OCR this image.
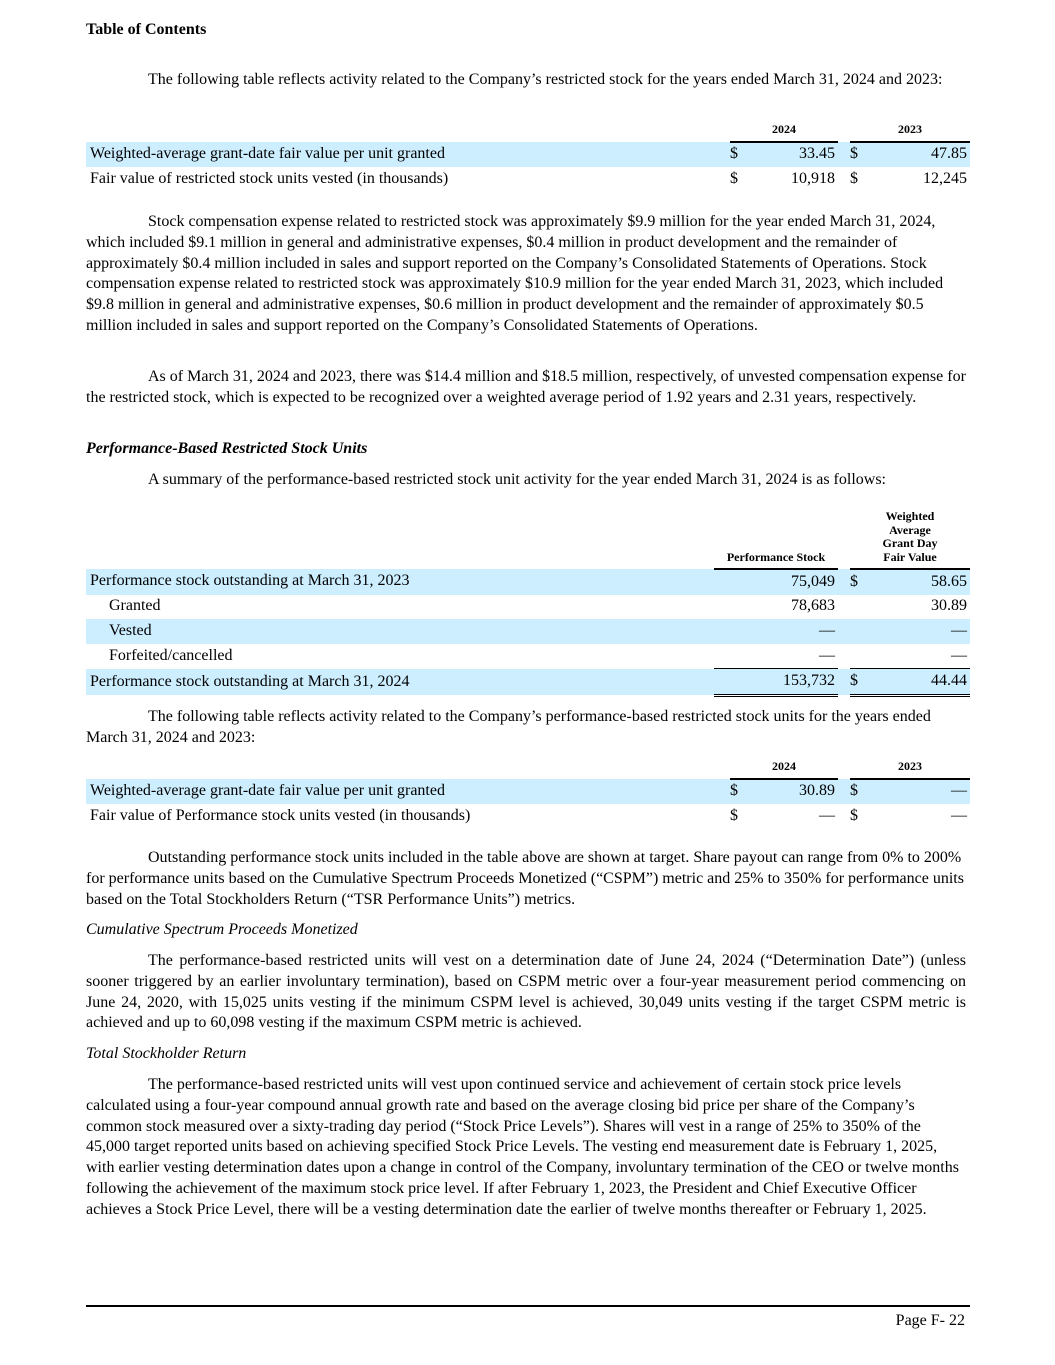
Table of Contents

The following table reflects activity related to the Company’s restricted stock for the years ended March 31, 2024 and 2023:

		2024			2023	
Weighted-average grant-date fair value per unit granted		$	33.45		$	47.85
Fair value of restricted stock units vested (in thousands)		$	10,918		$	12,245

Stock compensation expense related to restricted stock was approximately $9.9 million for the year ended March 31, 2024, which included $9.1 million in general and administrative expenses, $0.4 million in product development and the remainder of approximately $0.4 million included in sales and support reported on the Company’s Consolidated Statements of Operations. Stock compensation expense related to restricted stock was approximately $10.9 million for the year ended March 31, 2023, which included $9.8 million in general and administrative expenses, $0.6 million in product development and the remainder of approximately $0.5 million included in sales and support reported on the Company’s Consolidated Statements of Operations.

As of March 31, 2024 and 2023, there was $14.4 million and $18.5 million, respectively, of unvested compensation expense for the restricted stock, which is expected to be recognized over a weighted average period of 1.92 years and 2.31 years, respectively.

Performance-Based Restricted Stock Units

A summary of the performance-based restricted stock unit activity for the year ended March 31, 2024 is as follows:

		Performance Stock		Weighted
Average
Grant Day
Fair Value	
Performance stock outstanding at March 31, 2023		75,049		$	58.65
Granted		78,683			30.89
Vested		—			—
Forfeited/cancelled		—			—
Performance stock outstanding at March 31, 2024		153,732		$	44.44

The following table reflects activity related to the Company’s performance-based restricted stock units for the years ended March 31, 2024 and 2023:

		2024			2023	
Weighted-average grant-date fair value per unit granted		$	30.89		$	—
Fair value of Performance stock units vested (in thousands)		$	—		$	—

Outstanding performance stock units included in the table above are shown at target. Share payout can range from 0% to 200% for performance units based on the Cumulative Spectrum Proceeds Monetized (“CSPM”) metric and 25% to 350% for performance units based on the Total Stockholders Return (“TSR Performance Units”) metrics.

Cumulative Spectrum Proceeds Monetized

The performance-based restricted units will vest on a determination date of June 24, 2024 (“Determination Date”) (unless sooner triggered by an earlier involuntary termination), based on CSPM metric over a four-year measurement period commencing on June 24, 2020, with 15,025 units vesting if the minimum CSPM level is achieved, 30,049 units vesting if the target CSPM metric is achieved and up to 60,098 vesting if the maximum CSPM metric is achieved.

Total Stockholder Return

The performance-based restricted units will vest upon continued service and achievement of certain stock price levels calculated using a four-year compound annual growth rate and based on the average closing bid price per share of the Company’s common stock measured over a sixty-trading day period (“Stock Price Levels”). Shares will vest in a range of 25% to 350% of the 45,000 target reported units based on achieving specified Stock Price Levels. The vesting end measurement date is February 1, 2025, with earlier vesting determination dates upon a change in control of the Company, involuntary termination of the CEO or twelve months following the achievement of the maximum stock price level. If after February 1, 2023, the President and Chief Executive Officer achieves a Stock Price Level, there will be a vesting determination date the earlier of twelve months thereafter or February 1, 2025.

Page F- 22
